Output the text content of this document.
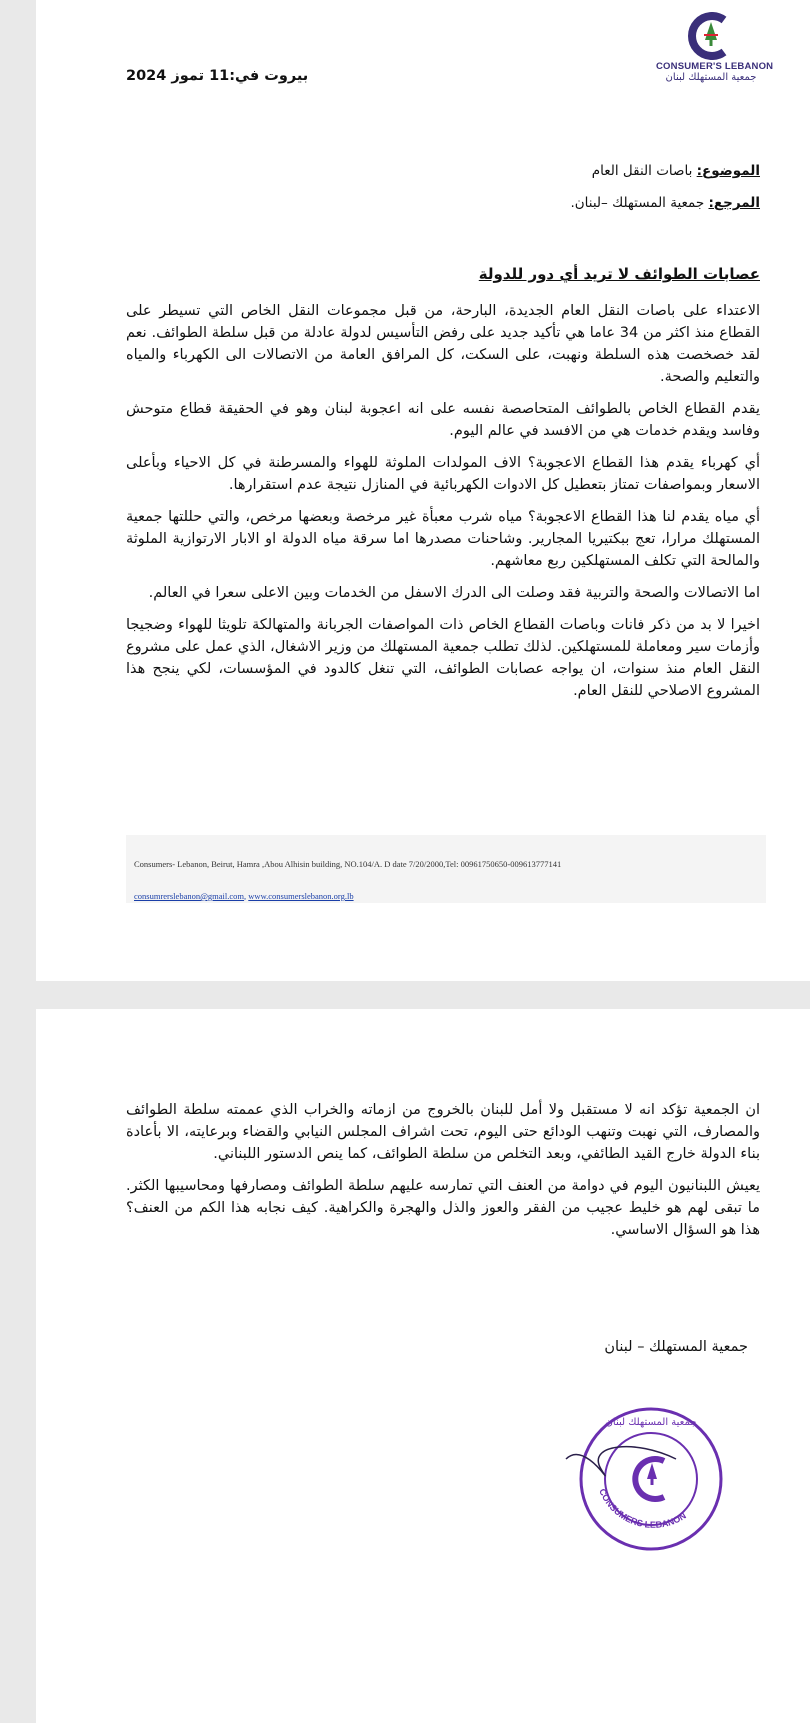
CONSUMER'S LEBANON
جمعية المستهلك لبنان
بيروت في:11 تموز 2024
الموضوع: باصات النقل العام
المرجع: جمعية المستهلك –لبنان.
عصابات الطوائف لا تريد أي دور للدولة

الاعتداء على باصات النقل العام الجديدة، البارحة، من قبل مجموعات النقل الخاص التي تسيطر على القطاع منذ اكثر من 34 عاما هي تأكيد جديد على رفض التأسيس لدولة عادلة من قبل سلطة الطوائف. نعم لقد خصخصت هذه السلطة ونهبت، على السكت، كل المرافق العامة من الاتصالات الى الكهرباء والمياه والتعليم والصحة.

يقدم القطاع الخاص بالطوائف المتحاصصة نفسه على انه اعجوبة لبنان وهو في الحقيقة قطاع متوحش وفاسد ويقدم خدمات هي من الافسد في عالم اليوم.

أي كهرباء يقدم هذا القطاع الاعجوبة؟ الاف المولدات الملوثة للهواء والمسرطنة في كل الاحياء وبأعلى الاسعار وبمواصفات تمتاز بتعطيل كل الادوات الكهربائية في المنازل نتيجة عدم استقرارها.

أي مياه يقدم لنا هذا القطاع الاعجوبة؟ مياه شرب معبأة غير مرخصة وبعضها مرخص، والتي حللتها جمعية المستهلك مرارا، تعج ببكتيريا المجارير. وشاحنات مصدرها اما سرقة مياه الدولة او الابار الارتوازية الملوثة والمالحة التي تكلف المستهلكين ربع معاشهم.

اما الاتصالات والصحة والتربية فقد وصلت الى الدرك الاسفل من الخدمات وبين الاعلى سعرا في العالم.

اخيرا لا بد من ذكر فانات وباصات القطاع الخاص ذات المواصفات الجربانة والمتهالكة تلويثا للهواء وضجيجا وأزمات سير ومعاملة للمستهلكين. لذلك تطلب جمعية المستهلك من وزير الاشغال، الذي عمل على مشروع النقل العام منذ سنوات، ان يواجه عصابات الطوائف، التي تنغل كالدود في المؤسسات، لكي ينجح هذا المشروع الاصلاحي للنقل العام.

Consumers- Lebanon, Beirut, Hamra ,Abou Alhisin building, NO.104/A. D date 7/20/2000,Tel: 00961750650-009613777141
consumrerslebanon@gmail.com, www.consumerslebanon.org.lb

ان الجمعية تؤكد انه لا مستقبل ولا أمل للبنان بالخروج من ازماته والخراب الذي عممته سلطة الطوائف والمصارف، التي نهبت وتنهب الودائع حتى اليوم، تحت اشراف المجلس النيابي والقضاء وبرعايته، الا بأعادة بناء الدولة خارج القيد الطائفي، وبعد التخلص من سلطة الطوائف، كما ينص الدستور اللبناني.

يعيش اللبنانيون اليوم في دوامة من العنف التي تمارسه عليهم سلطة الطوائف ومصارفها ومحاسيبها الكثر. ما تبقى لهم هو خليط عجيب من الفقر والعوز والذل والهجرة والكراهية. كيف نجابه هذا الكم من العنف؟ هذا هو السؤال الاساسي.

جمعية المستهلك – لبنان
CONSUMERS LEBANON
جمعية المستهلك لبنان
